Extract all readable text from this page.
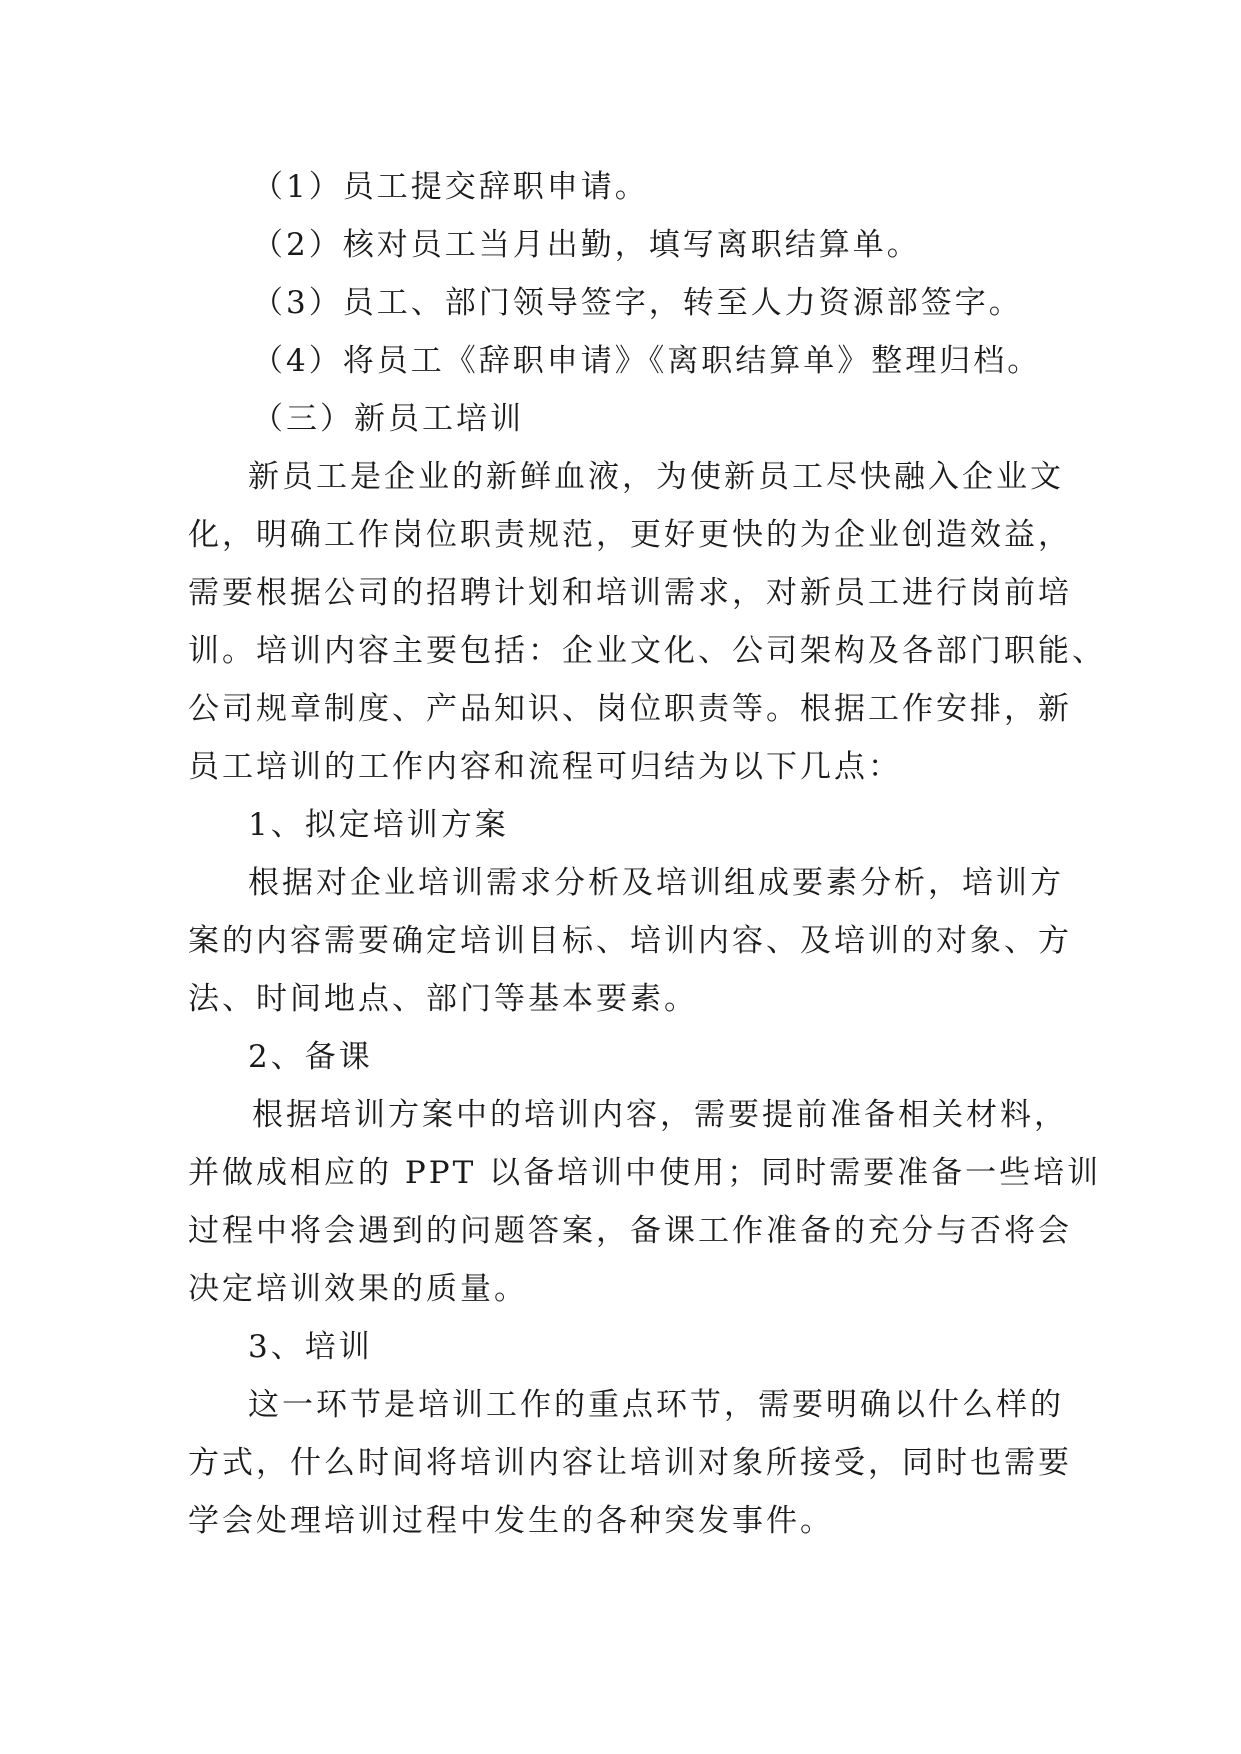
（1）员工提交辞职申请。
（2）核对员工当月出勤，填写离职结算单。
（3）员工、部门领导签字，转至人力资源部签字。
（4）将员工《辞职申请》《离职结算单》整理归档。
（三）新员工培训
新员工是企业的新鲜血液，为使新员工尽快融入企业文
化，明确工作岗位职责规范，更好更快的为企业创造效益，
需要根据公司的招聘计划和培训需求，对新员工进行岗前培
训。培训内容主要包括：企业文化、公司架构及各部门职能、
公司规章制度、产品知识、岗位职责等。根据工作安排，新
员工培训的工作内容和流程可归结为以下几点：
1、拟定培训方案
根据对企业培训需求分析及培训组成要素分析，培训方
案的内容需要确定培训目标、培训内容、及培训的对象、方
法、时间地点、部门等基本要素。
2、备课
根据培训方案中的培训内容，需要提前准备相关材料，
并做成相应的 PPT 以备培训中使用；同时需要准备一些培训
过程中将会遇到的问题答案，备课工作准备的充分与否将会
决定培训效果的质量。
3、培训
这一环节是培训工作的重点环节，需要明确以什么样的
方式，什么时间将培训内容让培训对象所接受，同时也需要
学会处理培训过程中发生的各种突发事件。
